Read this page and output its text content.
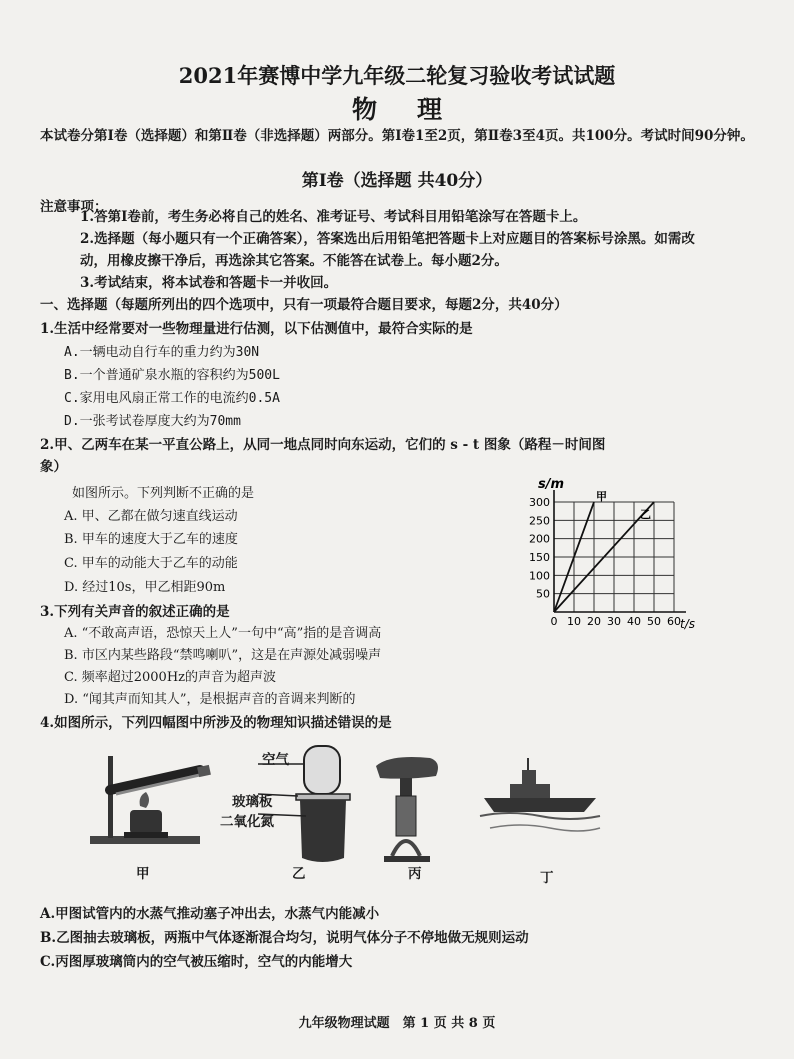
2021年赛博中学九年级二轮复习验收考试试题
物理
本试卷分第Ⅰ卷（选择题）和第Ⅱ卷（非选择题）两部分。第Ⅰ卷1至2页，第Ⅱ卷3至4页。共100分。考试时间90分钟。
第Ⅰ卷（选择题 共40分）
注意事项：
1.答第Ⅰ卷前，考生务必将自己的姓名、准考证号、考试科目用铅笔涂写在答题卡上。
2.选择题（每小题只有一个正确答案），答案选出后用铅笔把答题卡上对应题目的答案标号涂黑。如需改动，用橡皮擦干净后，再选涂其它答案。不能答在试卷上。每小题2分。
3.考试结束，将本试卷和答题卡一并收回。
一、选择题（每题所列出的四个选项中，只有一项最符合题目要求，每题2分，共40分）
1.生活中经常要对一些物理量进行估测，以下估测值中，最符合实际的是
A.一辆电动自行车的重力约为30N
B.一个普通矿泉水瓶的容积约为500L
C.家用电风扇正常工作的电流约0.5A
D.一张考试卷厚度大约为70mm
2.甲、乙两车在某一平直公路上，从同一地点同时向东运动，它们的 s - t 图象（路程－时间图
象）
如图所示。下列判断不正确的是
A. 甲、乙都在做匀速直线运动
B. 甲车的速度大于乙车的速度
C. 甲车的动能大于乙车的动能
D. 经过10s，甲乙相距90m
0 10 20 30 40 50 60
50
100
150
200
250
300
s/m
t/s
甲
乙
3.下列有关声音的叙述正确的是
A. “不敢高声语，恐惊天上人”一句中“高”指的是音调高
B. 市区内某些路段“禁鸣喇叭”，这是在声源处减弱噪声
C. 频率超过2000Hz的声音为超声波
D. “闻其声而知其人”，是根据声音的音调来判断的
4.如图所示，下列四幅图中所涉及的物理知识描述错误的是
空气
玻璃板
二氧化氮
甲	乙	丙	丁
A.甲图试管内的水蒸气推动塞子冲出去，水蒸气内能减小
B.乙图抽去玻璃板，两瓶中气体逐渐混合均匀，说明气体分子不停地做无规则运动
C.丙图厚玻璃筒内的空气被压缩时，空气的内能增大
九年级物理试题　第 1 页 共 8 页
